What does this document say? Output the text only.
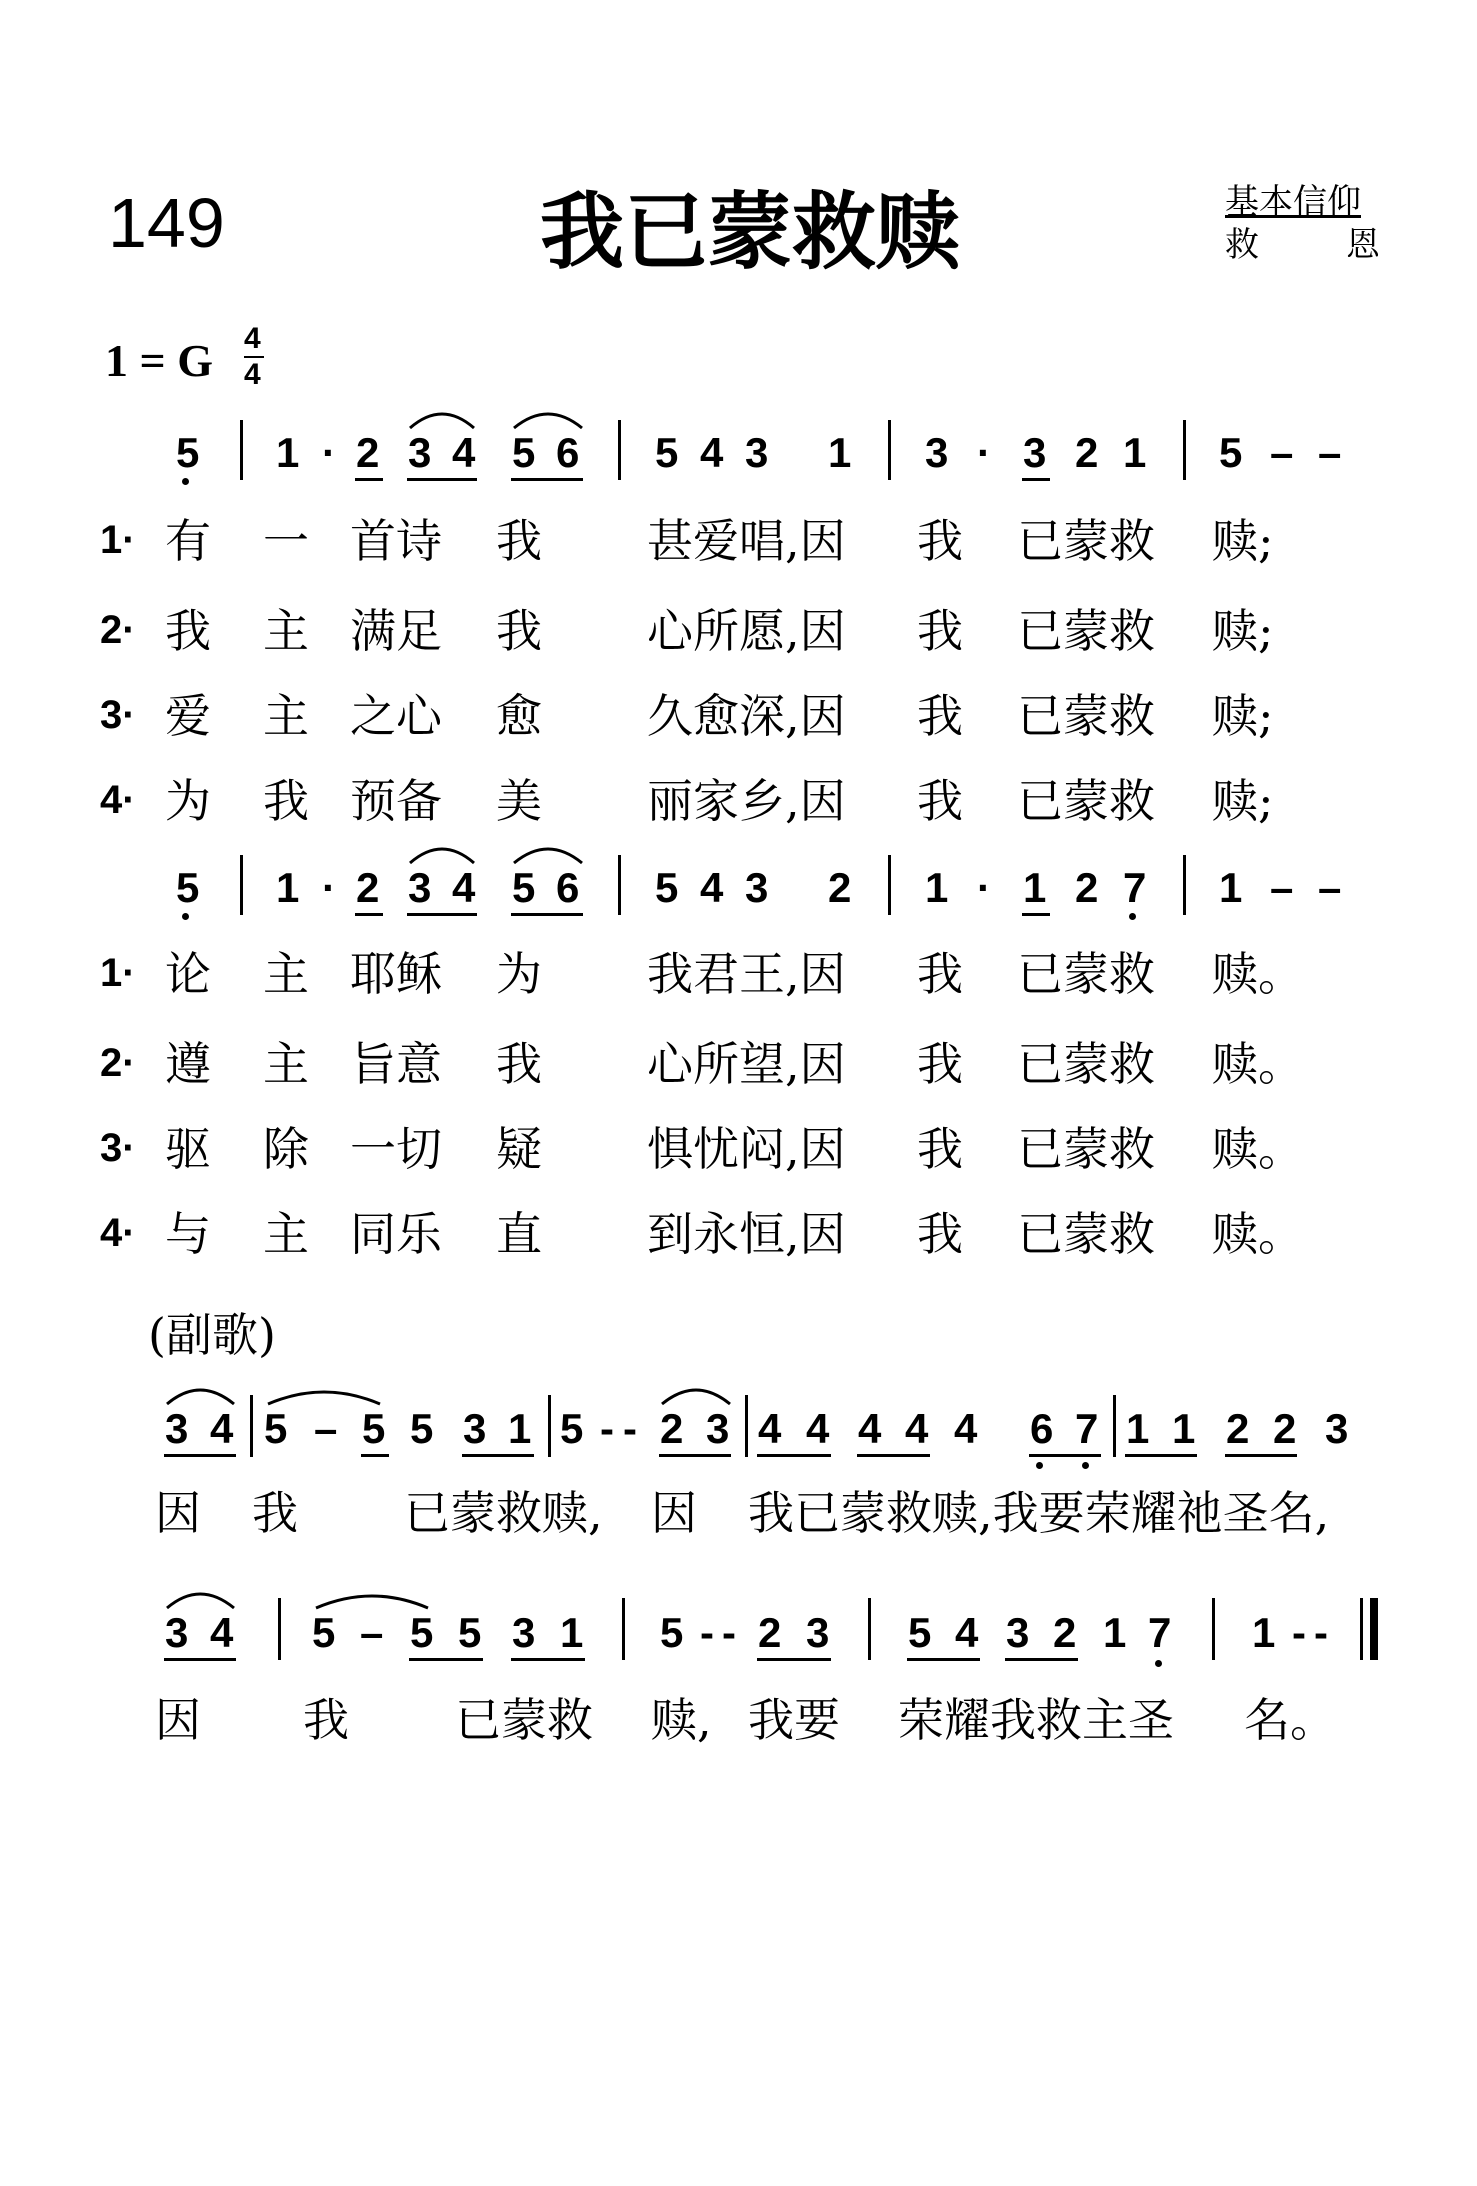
149	我已蒙救赎	基本信仰
救	恩
1 = G 4
4
5 1 · 2 3 4 5 6 5 4 3 1 3 · 3 2 1 5 – –
1· 有 一 首诗 我 甚爱唱,因 我 已蒙救 赎;
2· 我 主 满足 我 心所愿,因 我 已蒙救 赎;
3· 爱 主 之心 愈 久愈深,因 我 已蒙救 赎;
4· 为 我 预备 美 丽家乡,因 我 已蒙救 赎;
5 1 · 2 3 4 5 6 5 4 3 2 1 · 1 2 7 1 – –
1· 论 主 耶稣 为 我君王,因 我 已蒙救 赎。
2· 遵 主 旨意 我 心所望,因 我 已蒙救 赎。
3· 驱 除 一切 疑 惧忧闷,因 我 已蒙救 赎。
4· 与 主 同乐 直 到永恒,因 我 已蒙救 赎。
(副歌)
3 4 5 – 5 5 3 1 5 - - 2 3 4 4 4 4 4 6 7 1 1 2 2 3
因 我 已蒙救赎, 因 我已蒙救赎,我要荣耀祂圣名,
3 4 5 – 5 5 3 1 5 - - 2 3 5 4 3 2 1 7 1 - -
因 我 已蒙救 赎, 我要 荣耀我救主圣 名。
